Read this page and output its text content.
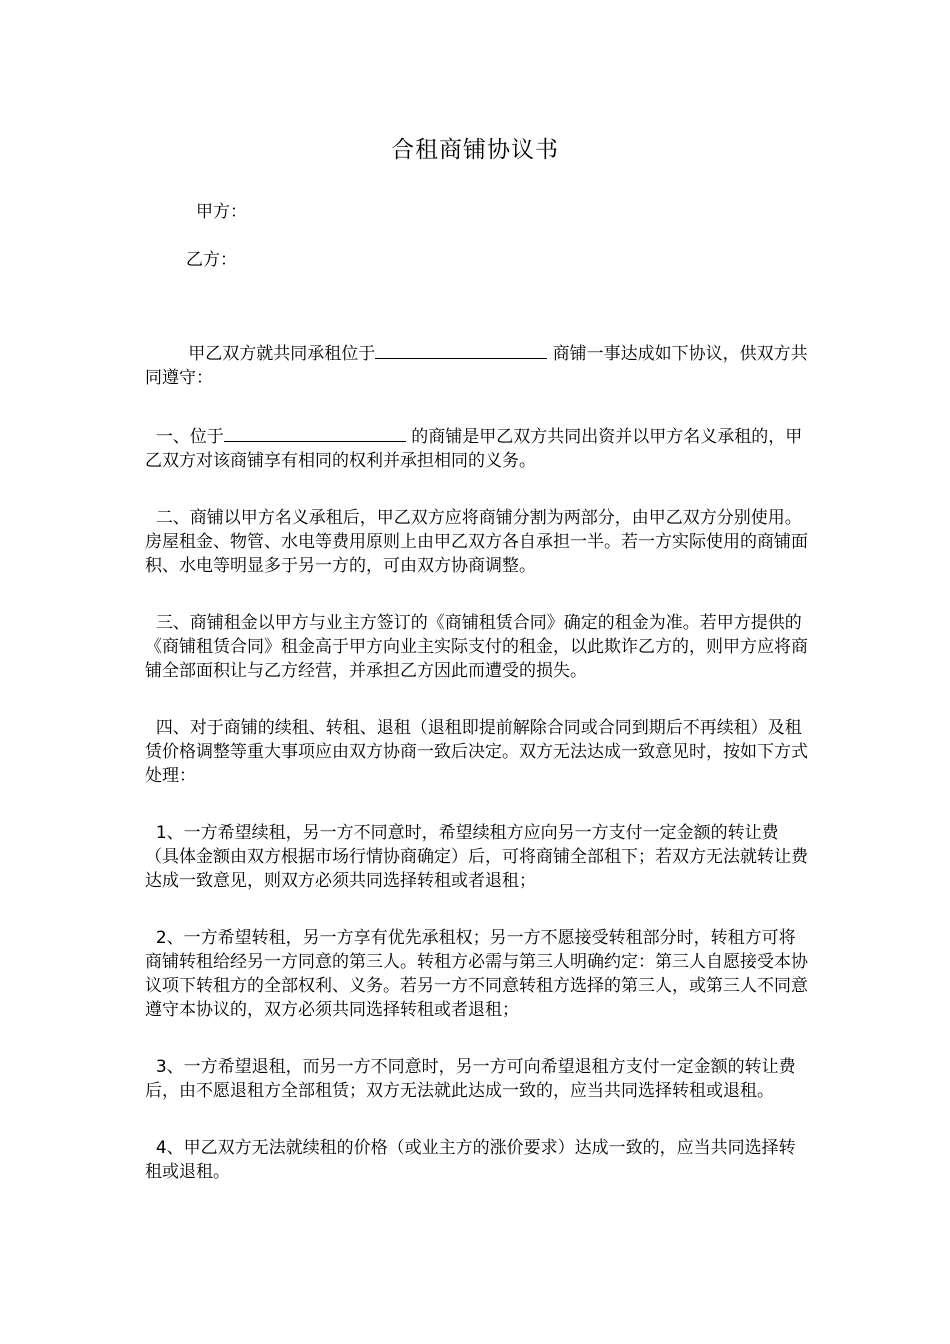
合租商铺协议书
甲方：
乙方：

甲乙双方就共同承租位于	商铺一事达成如下协议，供双方共同遵守：

一、位于	的商铺是甲乙双方共同出资并以甲方名义承租的，甲乙双方对该商铺享有相同的权利并承担相同的义务。

二、商铺以甲方名义承租后，甲乙双方应将商铺分割为两部分，由甲乙双方分别使用。房屋租金、物管、水电等费用原则上由甲乙双方各自承担一半。若一方实际使用的商铺面积、水电等明显多于另一方的，可由双方协商调整。

三、商铺租金以甲方与业主方签订的《商铺租赁合同》确定的租金为准。若甲方提供的《商铺租赁合同》租金高于甲方向业主实际支付的租金，以此欺诈乙方的，则甲方应将商铺全部面积让与乙方经营，并承担乙方因此而遭受的损失。

四、对于商铺的续租、转租、退租（退租即提前解除合同或合同到期后不再续租）及租赁价格调整等重大事项应由双方协商一致后决定。双方无法达成一致意见时，按如下方式处理：

1、一方希望续租，另一方不同意时，希望续租方应向另一方支付一定金额的转让费（具体金额由双方根据市场行情协商确定）后，可将商铺全部租下；若双方无法就转让费达成一致意见，则双方必须共同选择转租或者退租；

2、一方希望转租，另一方享有优先承租权；另一方不愿接受转租部分时，转租方可将商铺转租给经另一方同意的第三人。转租方必需与第三人明确约定：第三人自愿接受本协议项下转租方的全部权利、义务。若另一方不同意转租方选择的第三人，或第三人不同意遵守本协议的，双方必须共同选择转租或者退租；

3、一方希望退租，而另一方不同意时，另一方可向希望退租方支付一定金额的转让费后，由不愿退租方全部租赁；双方无法就此达成一致的，应当共同选择转租或退租。

4、甲乙双方无法就续租的价格（或业主方的涨价要求）达成一致的，应当共同选择转租或退租。
